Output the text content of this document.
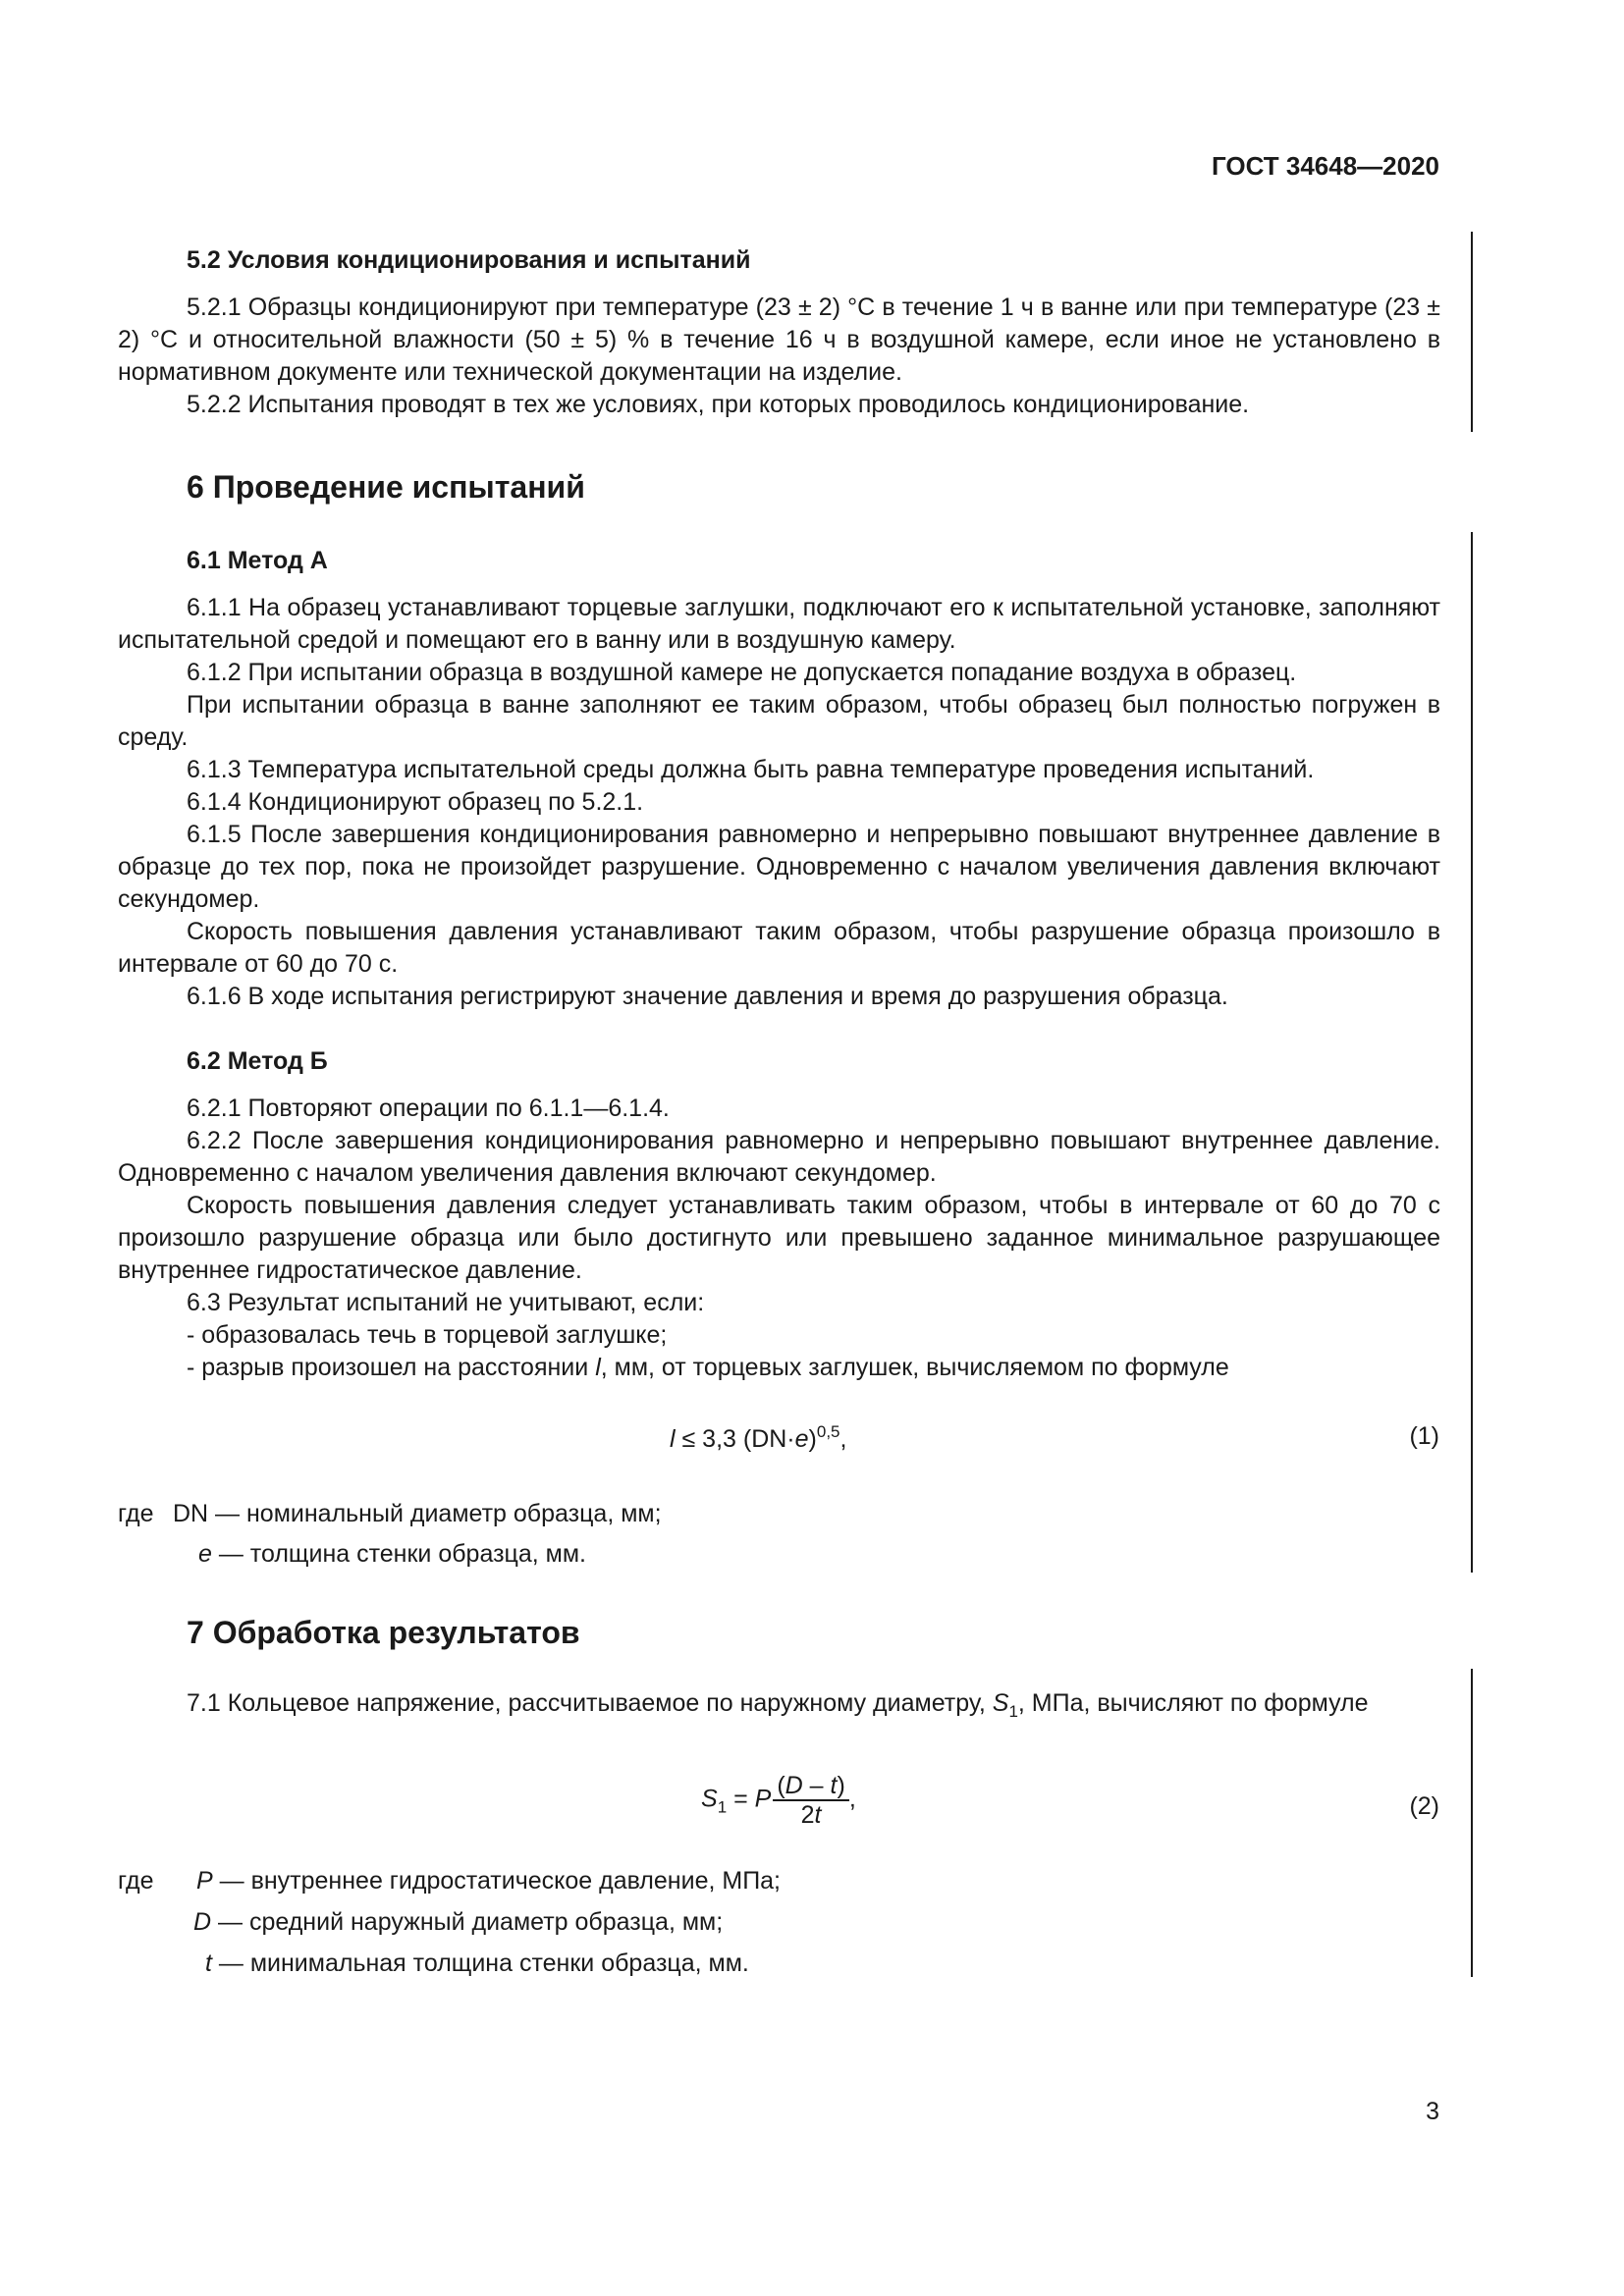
ГОСТ 34648—2020
5.2 Условия кондиционирования и испытаний
5.2.1 Образцы кондиционируют при температуре (23 ± 2) °C в течение 1 ч в ванне или при температуре (23 ± 2) °C и относительной влажности (50 ± 5) % в течение 16 ч в воздушной камере, если иное не установлено в нормативном документе или технической документации на изделие.
5.2.2 Испытания проводят в тех же условиях, при которых проводилось кондиционирование.
6 Проведение испытаний
6.1 Метод А
6.1.1 На образец устанавливают торцевые заглушки, подключают его к испытательной установке, заполняют испытательной средой и помещают его в ванну или в воздушную камеру.
6.1.2 При испытании образца в воздушной камере не допускается попадание воздуха в образец.
При испытании образца в ванне заполняют ее таким образом, чтобы образец был полностью погружен в среду.
6.1.3 Температура испытательной среды должна быть равна температуре проведения испытаний.
6.1.4 Кондиционируют образец по 5.2.1.
6.1.5 После завершения кондиционирования равномерно и непрерывно повышают внутреннее давление в образце до тех пор, пока не произойдет разрушение. Одновременно с началом увеличения давления включают секундомер.
Скорость повышения давления устанавливают таким образом, чтобы разрушение образца произошло в интервале от 60 до 70 с.
6.1.6 В ходе испытания регистрируют значение давления и время до разрушения образца.
6.2 Метод Б
6.2.1 Повторяют операции по 6.1.1—6.1.4.
6.2.2 После завершения кондиционирования равномерно и непрерывно повышают внутреннее давление. Одновременно с началом увеличения давления включают секундомер.
Скорость повышения давления следует устанавливать таким образом, чтобы в интервале от 60 до 70 с произошло разрушение образца или было достигнуто или превышено заданное минимальное разрушающее внутреннее гидростатическое давление.
6.3 Результат испытаний не учитывают, если:
- образовалась течь в торцевой заглушке;
- разрыв произошел на расстоянии l, мм, от торцевых заглушек, вычисляемом по формуле
l ≤ 3,3 $(DN\cdot e)^{0,5}$,	(1)
где DN — номинальный диаметр образца, мм;
e — толщина стенки образца, мм.
7 Обработка результатов
7.1 Кольцевое напряжение, рассчитываемое по наружному диаметру, $S_1$, МПа, вычисляют по формуле
$S_1 = P \frac{(D - t)}{2t}$ ,	(2)
где P — внутреннее гидростатическое давление, МПа;
D — средний наружный диаметр образца, мм;
t — минимальная толщина стенки образца, мм.
3
